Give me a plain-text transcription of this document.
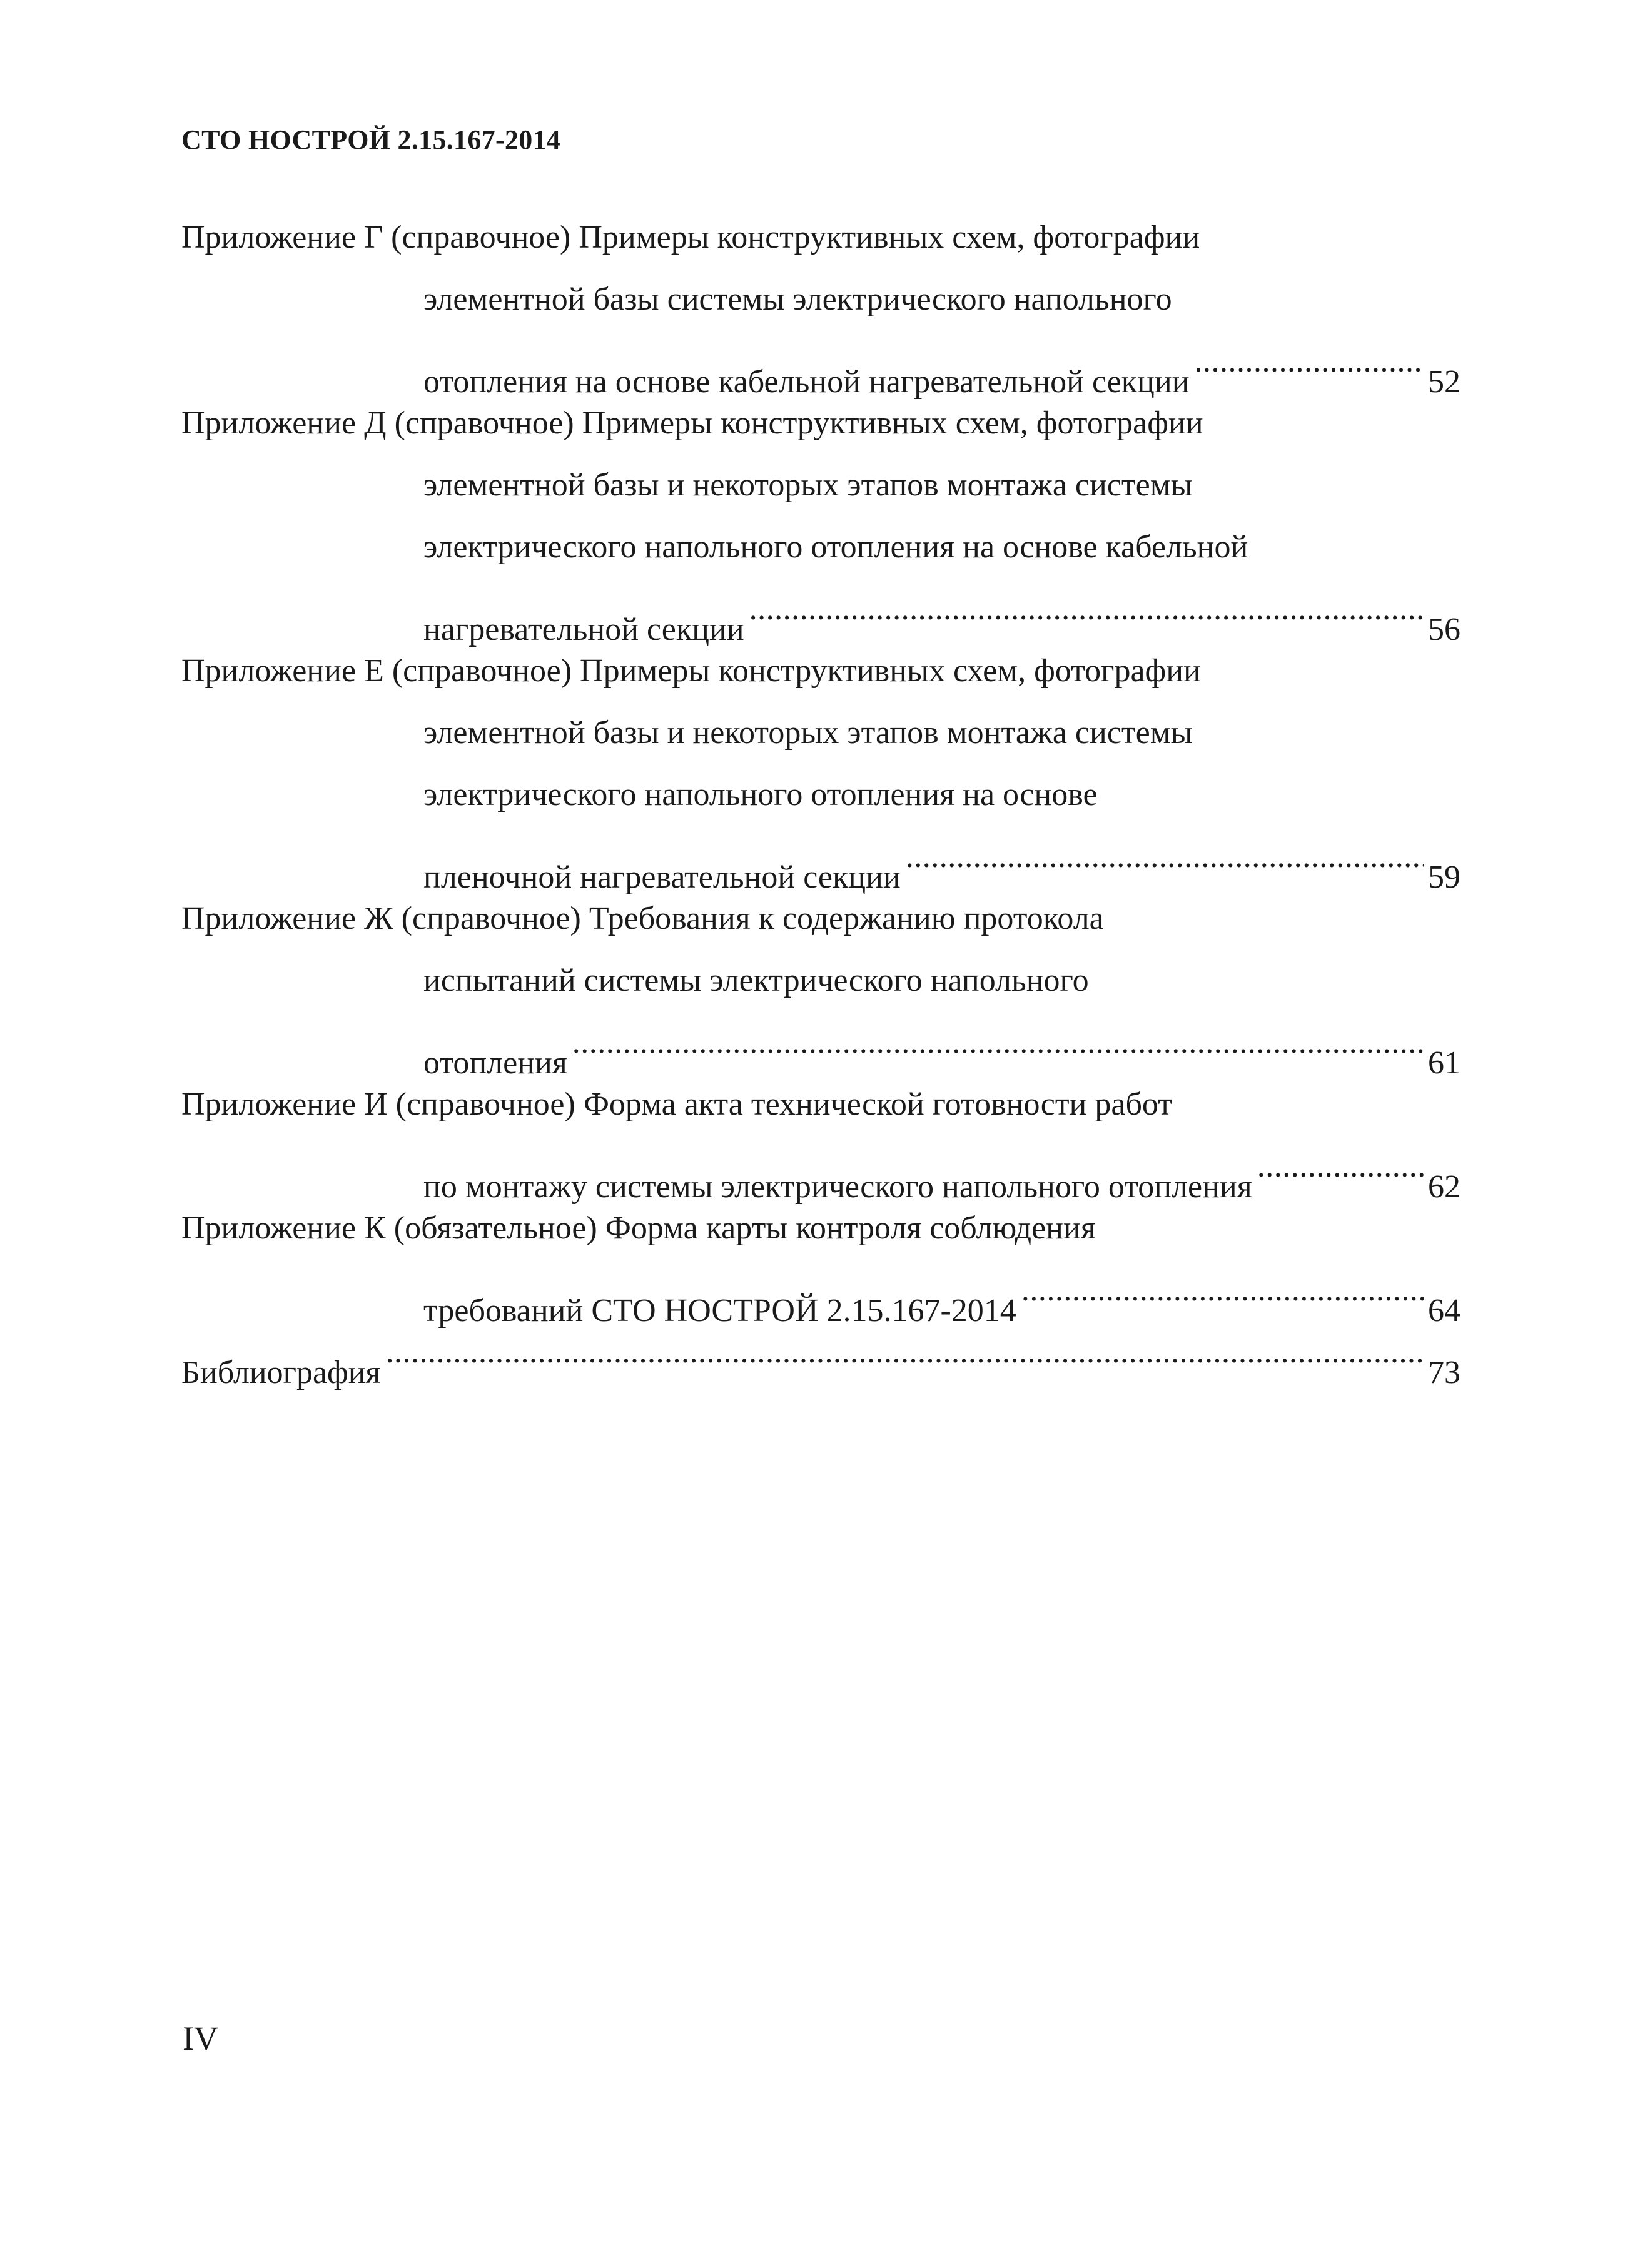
СТО НОСТРОЙ 2.15.167-2014
Приложение Г (справочное) Примеры конструктивных схем, фотографии
элементной базы системы электрического напольного
отопления на основе кабельной нагревательной секции .....	52
Приложение Д (справочное) Примеры конструктивных схем, фотографии
элементной базы и некоторых этапов монтажа системы
электрического напольного отопления на основе кабельной
нагревательной секции .....	56
Приложение Е (справочное) Примеры конструктивных схем, фотографии
элементной базы и некоторых этапов монтажа системы
электрического напольного отопления на основе
пленочной нагревательной секции .....	59
Приложение Ж (справочное) Требования к содержанию протокола
испытаний системы электрического напольного
отопления .....	61
Приложение И (справочное) Форма акта технической готовности работ
по монтажу системы электрического напольного отопления .....	62
Приложение К (обязательное) Форма карты контроля соблюдения
требований СТО НОСТРОЙ 2.15.167-2014 .....	64
Библиография .....	73
IV
